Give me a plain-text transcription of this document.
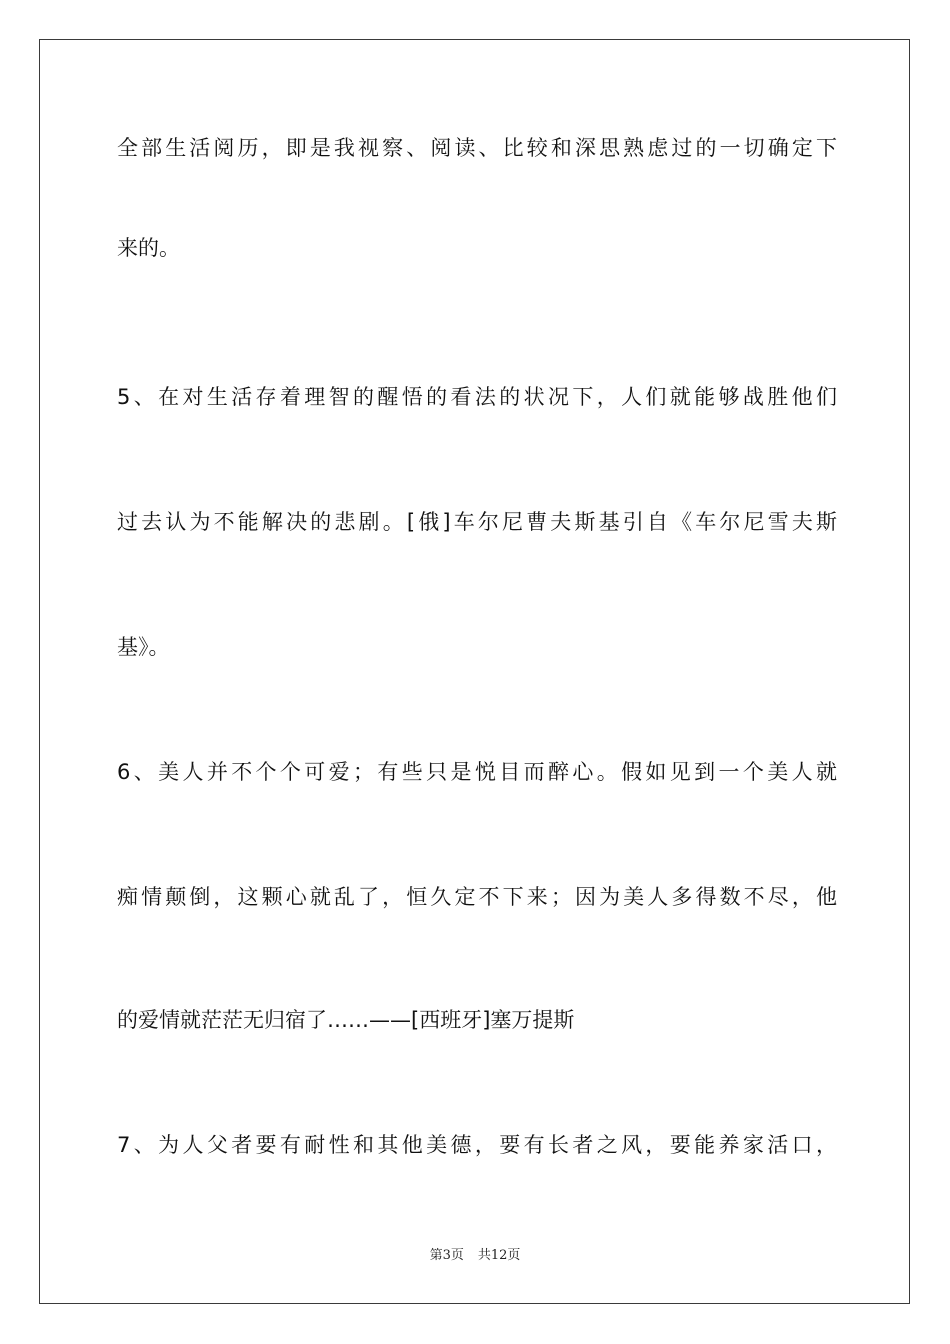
全部生活阅历，即是我视察、阅读、比较和深思熟虑过的一切确定下
来的。
5、在对生活存着理智的醒悟的看法的状况下，人们就能够战胜他们
过去认为不能解决的悲剧。[俄]车尔尼曹夫斯基引自《车尔尼雪夫斯
基》。
6、美人并不个个可爱；有些只是悦目而醉心。假如见到一个美人就
痴情颠倒，这颗心就乱了，恒久定不下来；因为美人多得数不尽，他
的爱情就茫茫无归宿了……——[西班牙]塞万提斯
7、为人父者要有耐性和其他美德，要有长者之风，要能养家活口，
第3页 共12页
